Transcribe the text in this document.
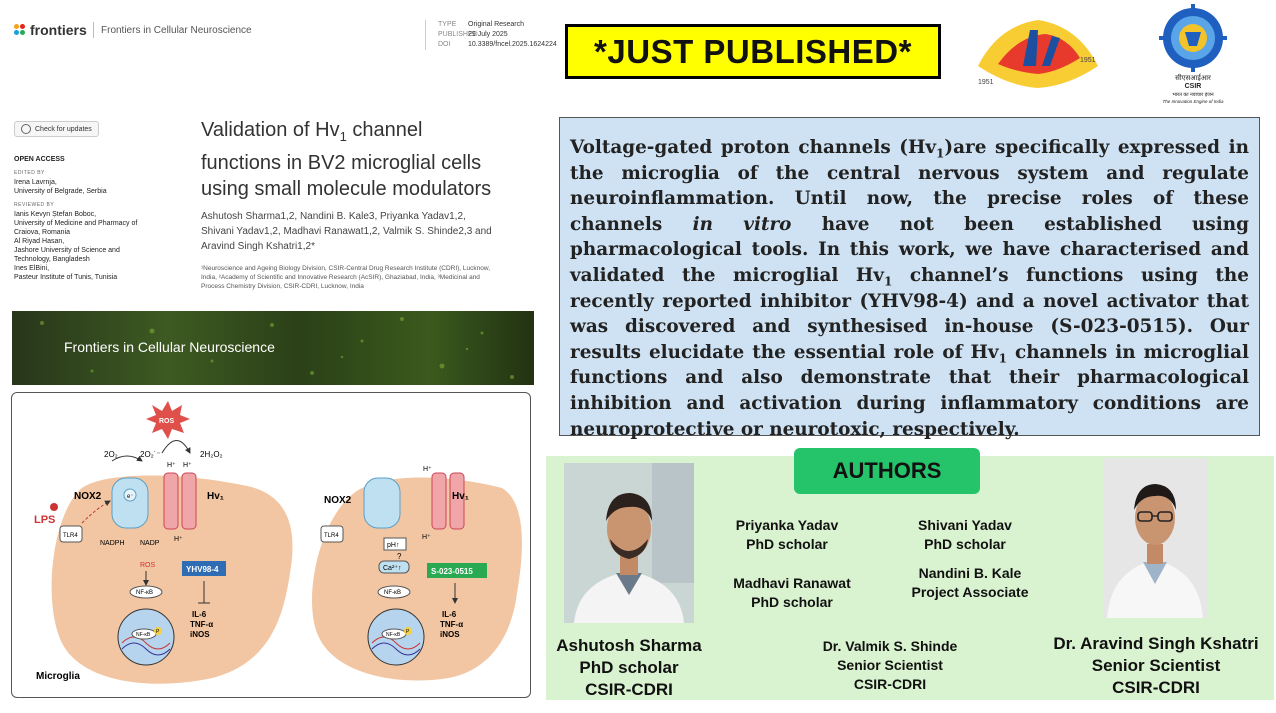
frontiers Frontiers in Cellular Neuroscience
TYPE Original Research
PUBLISHED29 July 2025
DOI	10.3389/fncel.2025.1624224
Check for updates
OPEN ACCESS
EDITED BY
Irena Lavrnja,
University of Belgrade, Serbia
REVIEWED BY
Ianis Kevyn Ștefan Boboc,
University of Medicine and Pharmacy of
Craiova, Romania
Al Riyad Hasan,
Jashore University of Science and
Technology, Bangladesh
Ines ElBini,
Pasteur Institute of Tunis, Tunisia
Validation of $Hv_1$ channel
functions in BV2 microglial cells
using small molecule modulators
Ashutosh Sharma1,2, Nandini B. Kale3, Priyanka Yadav1,2,
Shivani Yadav1,2, Madhavi Ranawat1,2, Valmik S. Shinde2,3 and
Aravind Singh Kshatri1,2*
¹Neuroscience and Ageing Biology Division, CSIR-Central Drug Research Institute (CDRI), Lucknow,
India, ²Academy of Scientific and Innovative Research (AcSIR), Ghaziabad, India, ³Medicinal and
Process Chemistry Division, CSIR-CDRI, Lucknow, India
Frontiers in Cellular Neuroscience
ROS
2O₂	2O₂˙⁻	2H₂O₂
NOX2	e⁻	Hv₁
H⁺ H⁺
H⁺
LPS
TLR4
NADPH NADP
ROS
NF-κB
YHV98-4
IL-6
TNF-α
iNOS
NF-κB P
Microglia
NOX2	Hv₁
H⁺
H⁺
TLR4
pH↑
?
Ca²⁺↑
NF-κB
S-023-0515
IL-6
TNF-α
iNOS
NF-κB P
*JUST PUBLISHED*
1951
1951
सीएसआईआर
CSIR
भारत का नवाचार इंजन
The Innovation Engine of India
Voltage-gated proton channels $(Hv_1)are$ specifically expressed in the microglia of the central nervous system and regulate neuroinflammation. Until now, the precise roles of these channels in vitro have not been established using pharmacological tools. In this work, we have characterised and validated the microglial $Hv_1$ channel’s functions using the recently reported inhibitor (YHV98-4) and a novel activator that was discovered and synthesised in-house (S-023-0515). Our results elucidate the essential role of $Hv_1$ channels in microglial functions and also demonstrate that their pharmacological inhibition and activation during inflammatory conditions are neuroprotective or neurotoxic, respectively.
AUTHORS
Ashutosh Sharma
PhD scholar
CSIR-CDRI
Priyanka Yadav
PhD scholar
Shivani Yadav
PhD scholar
Madhavi Ranawat
PhD scholar
Nandini B. Kale
Project Associate
Dr. Valmik S. Shinde
Senior Scientist
CSIR-CDRI
Dr. Aravind Singh Kshatri
Senior Scientist
CSIR-CDRI
